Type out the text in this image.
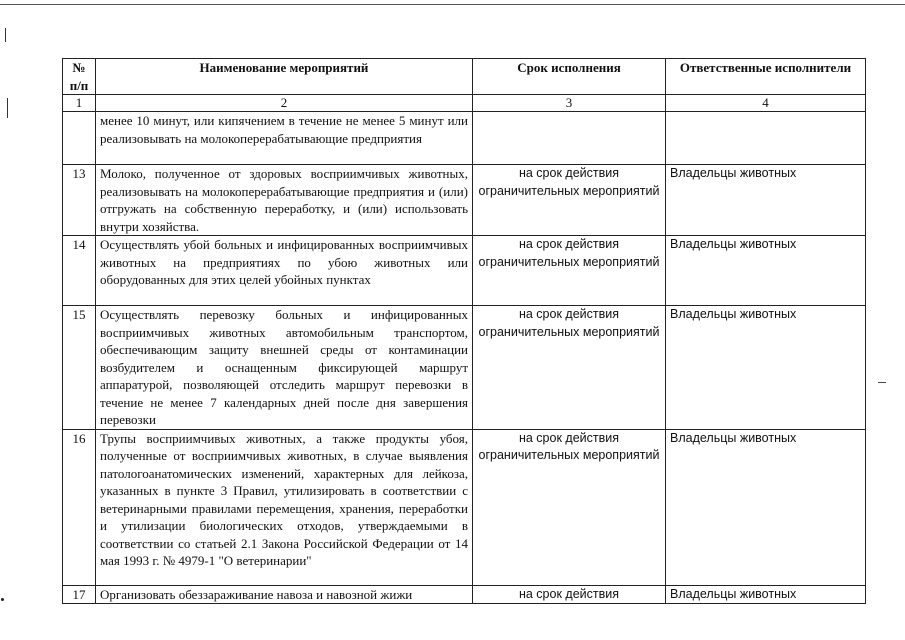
№ п/п	Наименование мероприятий	Срок исполнения	Ответственные исполнители
1	2	3	4
	менее 10 минут, или кипячением в течение не менее 5 минут или реализовывать на молокоперерабатывающие предприятия		
13	Молоко, полученное от здоровых восприимчивых животных, реализовывать на молокоперерабатывающие предприятия и (или) отгружать на собственную переработку, и (или) использовать внутри хозяйства.	на срок действия ограничительных мероприятий	Владельцы животных
14	Осуществлять убой больных и инфицированных восприимчивых животных на предприятиях по убою животных или оборудованных для этих целей убойных пунктах	на срок действия ограничительных мероприятий	Владельцы животных
15	Осуществлять перевозку больных и инфицированных восприимчивых животных автомобильным транспортом, обеспечивающим защиту внешней среды от контаминации возбудителем и оснащенным фиксирующей маршрут аппаратурой, позволяющей отследить маршрут перевозки в течение не менее 7 календарных дней после дня завершения перевозки	на срок действия ограничительных мероприятий	Владельцы животных
16	Трупы восприимчивых животных, а также продукты убоя, полученные от восприимчивых животных, в случае выявления патологоанатомических изменений, характерных для лейкоза, указанных в пункте 3 Правил, утилизировать в соответствии с ветеринарными правилами перемещения, хранения, переработки и утилизации биологических отходов, утверждаемыми в соответствии со статьей 2.1 Закона Российской Федерации от 14 мая 1993 г. № 4979-1 "О ветеринарии"	на срок действия ограничительных мероприятий	Владельцы животных
17	Организовать обеззараживание навоза и навозной жижи	на срок действия	Владельцы животных
